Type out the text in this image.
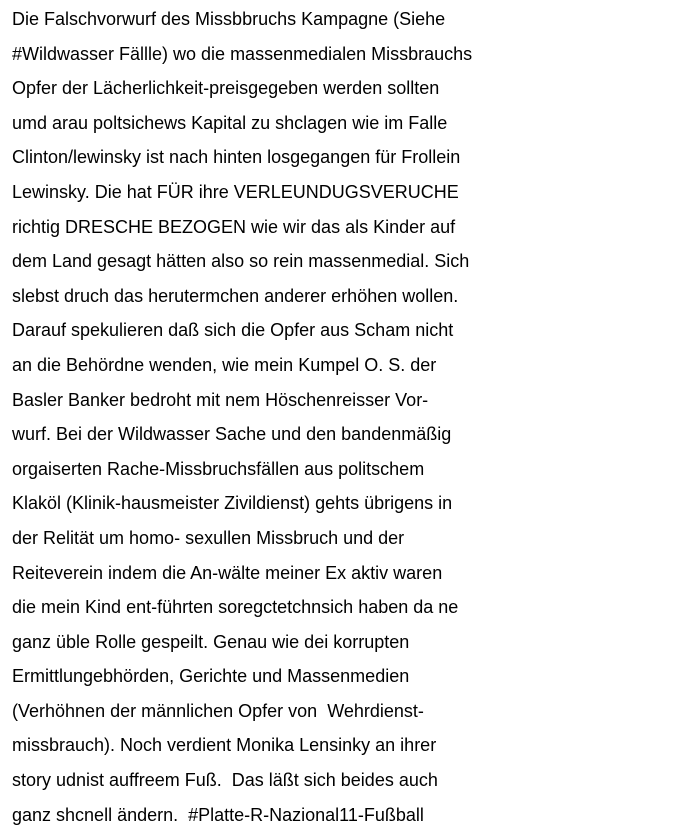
Die Falschvorwurf des Missbbruchs Kampagne (Siehe

#Wildwasser Fällle) wo die massenmedialen Missbrauchs

Opfer der Lächerlichkeit-preisgegeben werden sollten

umd arau poltsichews Kapital zu shclagen wie im Falle

Clinton/lewinsky ist nach hinten losgegangen für Frollein

Lewinsky. Die hat FÜR ihre VERLEUNDUGSVERUCHE

richtig DRESCHE BEZOGEN wie wir das als Kinder auf

dem Land gesagt hätten also so rein massenmedial. Sich

slebst druch das herutermchen anderer erhöhen wollen.

Darauf spekulieren daß sich die Opfer aus Scham nicht

an die Behördne wenden, wie mein Kumpel O. S. der

Basler Banker bedroht mit nem Höschenreisser Vor-

wurf. Bei der Wildwasser Sache und den bandenmäßig

orgaiserten Rache-Missbruchsfällen aus politschem

Klaköl (Klinik-hausmeister Zivildienst) gehts übrigens in

der Relität um homo- sexullen Missbruch und der

Reiteverein indem die An-wälte meiner Ex aktiv waren

die mein Kind ent-führten soregctetchnsich haben da ne

ganz üble Rolle gespeilt. Genau wie dei korrupten

Ermittlungebhörden, Gerichte und Massenmedien

(Verhöhnen der männlichen Opfer von  Wehrdienst-

missbrauch). Noch verdient Monika Lensinky an ihrer

story udnist auffreem Fuß.  Das läßt sich beides auch

ganz shcnell ändern.  #Platte-R-Nazional11-Fußball
